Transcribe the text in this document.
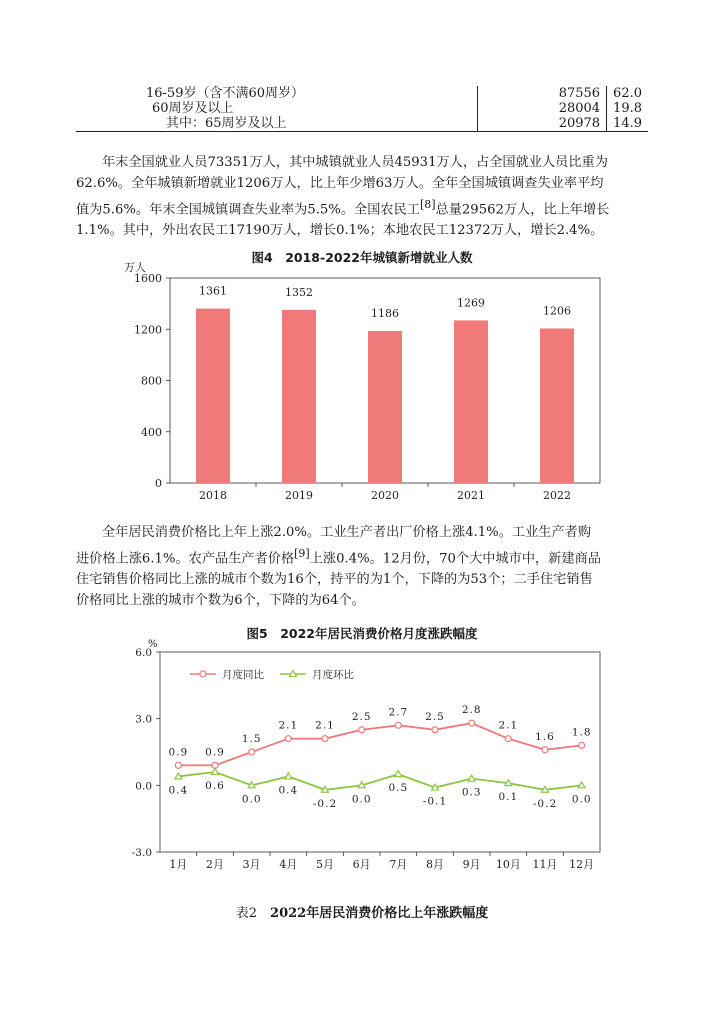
16-59岁（含不满60周岁）	87556	62.0
60周岁及以上	28004	19.8
其中：65周岁及以上	20978	14.9
年末全国就业人员73351万人，其中城镇就业人员45931万人，占全国就业人员比重为
62.6%。全年城镇新增就业1206万人，比上年少增63万人。全年全国城镇调查失业率平均
值为5.6%。年末全国城镇调查失业率为5.5%。全国农民工[8]总量29562万人，比上年增长
1.1%。其中，外出农民工17190万人，增长0.1%；本地农民工12372万人，增长2.4%。
图4　2018-2022年城镇新增就业人数
万人
0
400
800
1200
1600
1361
2018
1352
2019
1186
2020
1269
2021
1206
2022
全年居民消费价格比上年上涨2.0%。工业生产者出厂价格上涨4.1%。工业生产者购
进价格上涨6.1%。农产品生产者价格[9]上涨0.4%。12月份，70个大中城市中，新建商品
住宅销售价格同比上涨的城市个数为16个，持平的为1个，下降的为53个；二手住宅销售
价格同比上涨的城市个数为6个，下降的为64个。
图5　2022年居民消费价格月度涨跌幅度
%
-3.0
0.0
3.0
6.0
1月 2月 3月 4月 5月 6月 7月 8月 9月 10月 11月 12月
月度同比	月度环比
0.9 0.9
1.5
2.1 2.1
2.5 2.7 2.5
2.8
2.1
1.6 1.8
0.4 0.6
0.0
0.4
-0.2 0.0
0.5
-0.1
0.3 0.1
-0.2 0.0
表2　 2022年居民消费价格比上年涨跌幅度
